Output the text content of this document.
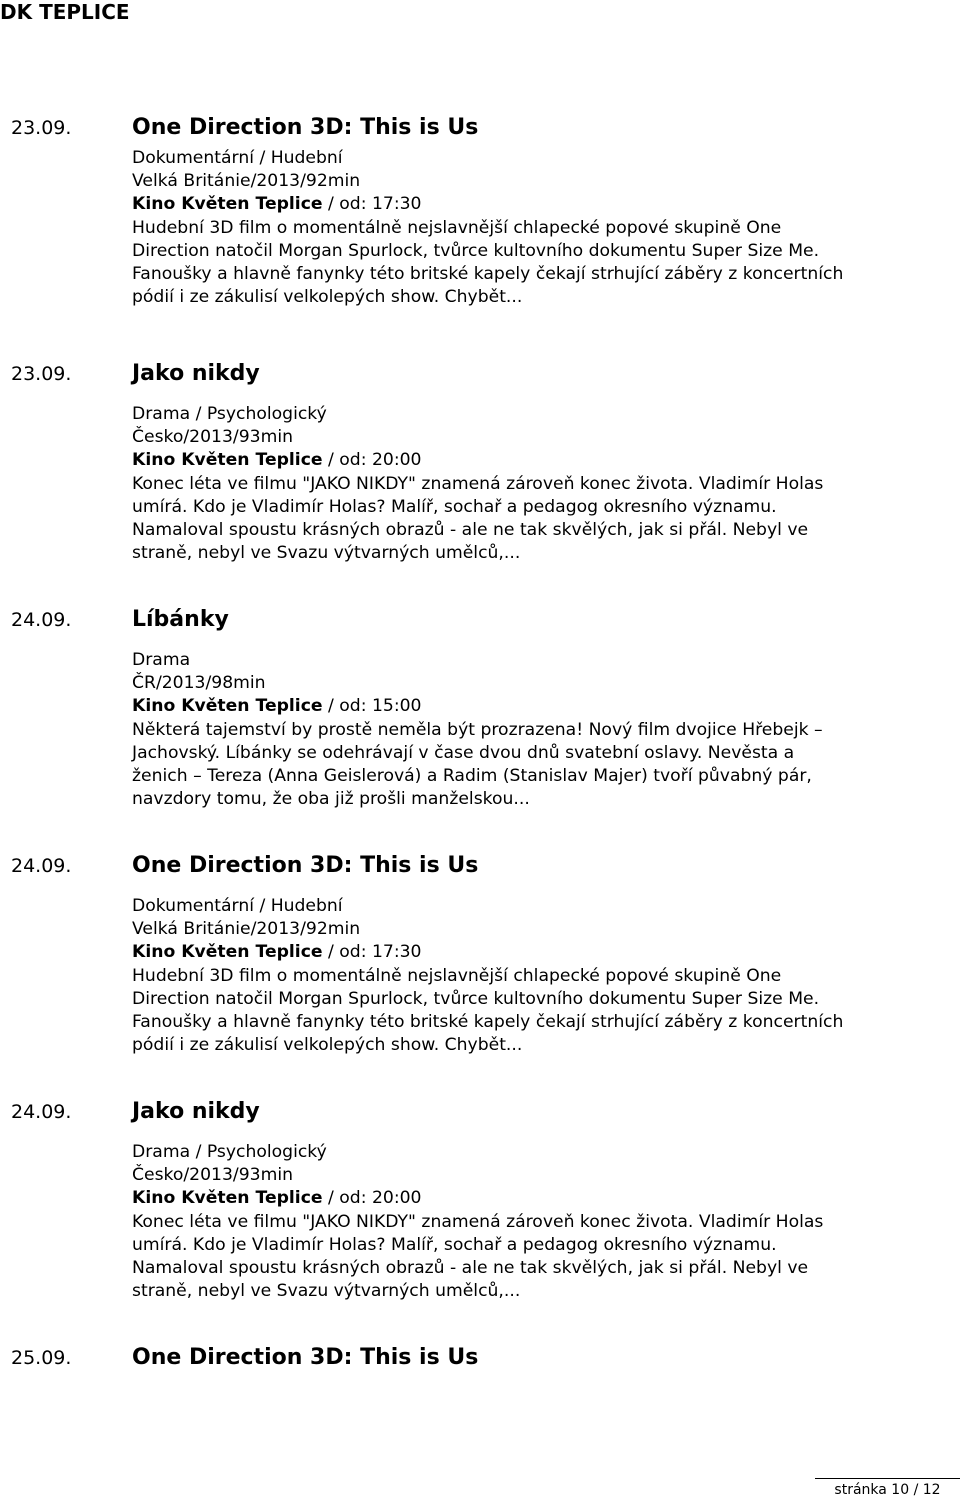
DK TEPLICE
23.09.	One Direction 3D: This is Us
Dokumentární / Hudební
Velká Británie/2013/92min
Kino Květen Teplice / od: 17:30
Hudební 3D film o momentálně nejslavnější chlapecké popové skupině One Direction natočil Morgan Spurlock, tvůrce kultovního dokumentu Super Size Me. Fanoušky a hlavně fanynky této britské kapely čekají strhující záběry z koncertních pódií i ze zákulisí velkolepých show. Chybět...
23.09.	Jako nikdy
Drama / Psychologický
Česko/2013/93min
Kino Květen Teplice / od: 20:00
Konec léta ve filmu "JAKO NIKDY" znamená zároveň konec života. Vladimír Holas umírá. Kdo je Vladimír Holas? Malíř, sochař a pedagog okresního významu. Namaloval spoustu krásných obrazů - ale ne tak skvělých, jak si přál. Nebyl ve straně, nebyl ve Svazu výtvarných umělců,...
24.09.	Líbánky
Drama
ČR/2013/98min
Kino Květen Teplice / od: 15:00
Některá tajemství by prostě neměla být prozrazena! Nový film dvojice Hřebejk – Jachovský. Líbánky se odehrávají v čase dvou dnů svatební oslavy. Nevěsta a ženich – Tereza (Anna Geislerová) a Radim (Stanislav Majer) tvoří půvabný pár, navzdory tomu, že oba již prošli manželskou...
24.09.	One Direction 3D: This is Us
Dokumentární / Hudební
Velká Británie/2013/92min
Kino Květen Teplice / od: 17:30
Hudební 3D film o momentálně nejslavnější chlapecké popové skupině One Direction natočil Morgan Spurlock, tvůrce kultovního dokumentu Super Size Me. Fanoušky a hlavně fanynky této britské kapely čekají strhující záběry z koncertních pódií i ze zákulisí velkolepých show. Chybět...
24.09.	Jako nikdy
Drama / Psychologický
Česko/2013/93min
Kino Květen Teplice / od: 20:00
Konec léta ve filmu "JAKO NIKDY" znamená zároveň konec života. Vladimír Holas umírá. Kdo je Vladimír Holas? Malíř, sochař a pedagog okresního významu. Namaloval spoustu krásných obrazů - ale ne tak skvělých, jak si přál. Nebyl ve straně, nebyl ve Svazu výtvarných umělců,...
25.09.	One Direction 3D: This is Us
stránka 10 / 12
